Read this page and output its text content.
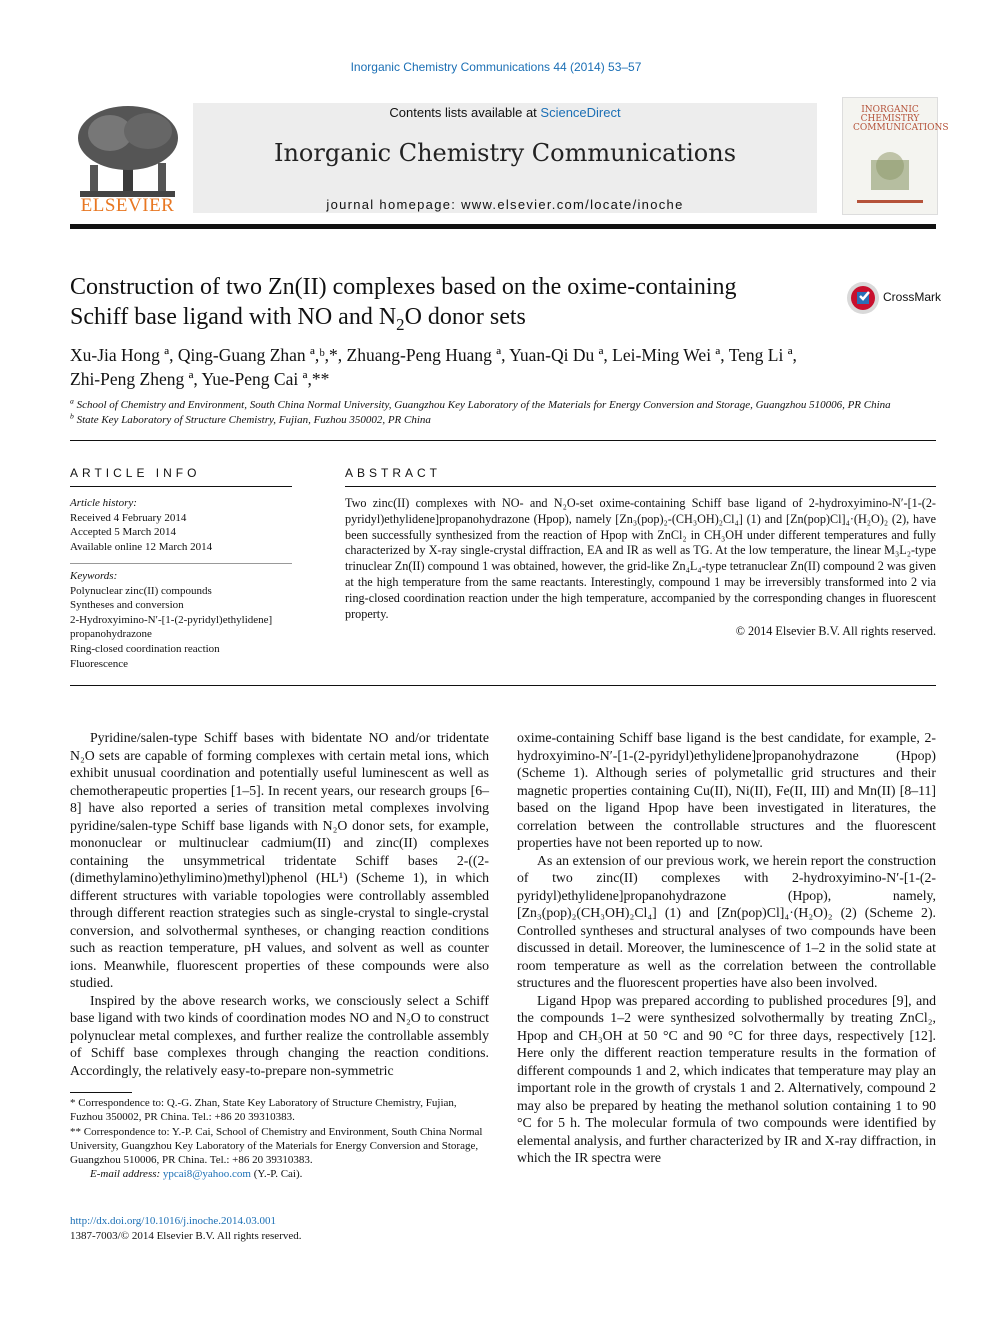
Inorganic Chemistry Communications 44 (2014) 53–57
ELSEVIER
Contents lists available at ScienceDirect
Inorganic Chemistry Communications
journal homepage: www.elsevier.com/locate/inoche
INORGANIC CHEMISTRY COMMUNICATIONS
Construction of two Zn(II) complexes based on the oxime-containing
Schiff base ligand with NO and $N_2O$ donor sets
CrossMark
Xu-Jia Hong ª, Qing-Guang Zhan ª,ᵇ,*, Zhuang-Peng Huang ª, Yuan-Qi Du ª, Lei-Ming Wei ª, Teng Li ª,
Zhi-Peng Zheng ª, Yue-Peng Cai ª,**
$^a$ School of Chemistry and Environment, South China Normal University, Guangzhou Key Laboratory of the Materials for Energy Conversion and Storage, Guangzhou 510006, PR China
$^b$ State Key Laboratory of Structure Chemistry, Fujian, Fuzhou 350002, PR China
ARTICLE INFO
Article history:
Received 4 February 2014
Accepted 5 March 2014
Available online 12 March 2014
Keywords:
Polynuclear zinc(II) compounds
Syntheses and conversion
2-Hydroxyimino-N′-[1-(2-pyridyl)ethylidene]
propanohydrazone
Ring-closed coordination reaction
Fluorescence
ABSTRACT
Two zinc(II) complexes with NO- and N₂O-set oxime-containing Schiff base ligand of 2-hydroxyimino-N′-[1-(2-pyridyl)ethylidene]propanohydrazone (Hpop), namely [Zn₃(pop)₂-(CH₃OH)₂Cl₄] (1) and [Zn(pop)Cl]₄·(H₂O)₂ (2), have been successfully synthesized from the reaction of Hpop with ZnCl₂ in CH₃OH under different temperatures and fully characterized by X-ray single-crystal diffraction, EA and IR as well as TG. At the low temperature, the linear M₃L₂-type trinuclear Zn(II) compound 1 was obtained, however, the grid-like Zn₄L₄-type tetranuclear Zn(II) compound 2 was given at the high temperature from the same reactants. Interestingly, compound 1 may be irreversibly transformed into 2 via ring-closed coordination reaction under the high temperature, accompanied by the corresponding changes in fluorescent property.
© 2014 Elsevier B.V. All rights reserved.

Pyridine/salen-type Schiff bases with bidentate NO and/or tridentate N₂O sets are capable of forming complexes with certain metal ions, which exhibit unusual coordination and potentially useful luminescent as well as chemotherapeutic properties [1–5]. In recent years, our research groups [6–8] have also reported a series of transition metal complexes involving pyridine/salen-type Schiff base ligands with N₂O donor sets, for example, mononuclear or multinuclear cadmium(II) and zinc(II) complexes containing the unsymmetrical tridentate Schiff bases 2-((2-(dimethylamino)ethylimino)methyl)phenol (HL¹) (Scheme 1), in which different structures with variable topologies were controllably assembled through different reaction strategies such as single-crystal to single-crystal conversion, and solvothermal syntheses, or changing reaction conditions such as reaction temperature, pH values, and solvent as well as counter ions. Meanwhile, fluorescent properties of these compounds were also studied.

Inspired by the above research works, we consciously select a Schiff base ligand with two kinds of coordination modes NO and N₂O to construct polynuclear metal complexes, and further realize the controllable assembly of Schiff base complexes through changing the reaction conditions. Accordingly, the relatively easy-to-prepare non-symmetric

oxime-containing Schiff base ligand is the best candidate, for example, 2-hydroxyimino-N′-[1-(2-pyridyl)ethylidene]propanohydrazone (Hpop) (Scheme 1). Although series of polymetallic grid structures and their magnetic properties containing Cu(II), Ni(II), Fe(II, III) and Mn(II) [8–11] based on the ligand Hpop have been investigated in literatures, the correlation between the controllable structures and the fluorescent properties have not been reported up to now.

As an extension of our previous work, we herein report the construction of two zinc(II) complexes with 2-hydroxyimino-N′-[1-(2-pyridyl)ethylidene]propanohydrazone (Hpop), namely, [Zn₃(pop)₂(CH₃OH)₂Cl₄] (1) and [Zn(pop)Cl]₄·(H₂O)₂ (2) (Scheme 2). Controlled syntheses and structural analyses of two compounds have been discussed in detail. Moreover, the luminescence of 1–2 in the solid state at room temperature as well as the correlation between the controllable structures and the fluorescent properties have also been involved.

Ligand Hpop was prepared according to published procedures [9], and the compounds 1–2 were synthesized solvothermally by treating ZnCl₂, Hpop and CH₃OH at 50 °C and 90 °C for three days, respectively [12]. Here only the different reaction temperature results in the formation of different compounds 1 and 2, which indicates that temperature may play an important role in the growth of crystals 1 and 2. Alternatively, compound 2 may also be prepared by heating the methanol solution containing 1 to 90 °C for 5 h. The molecular formula of two compounds were identified by elemental analysis, and further characterized by IR and X-ray diffraction, in which the IR spectra were

* Correspondence to: Q.-G. Zhan, State Key Laboratory of Structure Chemistry, Fujian, Fuzhou 350002, PR China. Tel.: +86 20 39310383.
** Correspondence to: Y.-P. Cai, School of Chemistry and Environment, South China Normal University, Guangzhou Key Laboratory of the Materials for Energy Conversion and Storage, Guangzhou 510006, PR China. Tel.: +86 20 39310383.
E-mail address: ypcai8@yahoo.com (Y.-P. Cai).
http://dx.doi.org/10.1016/j.inoche.2014.03.001
1387-7003/© 2014 Elsevier B.V. All rights reserved.
